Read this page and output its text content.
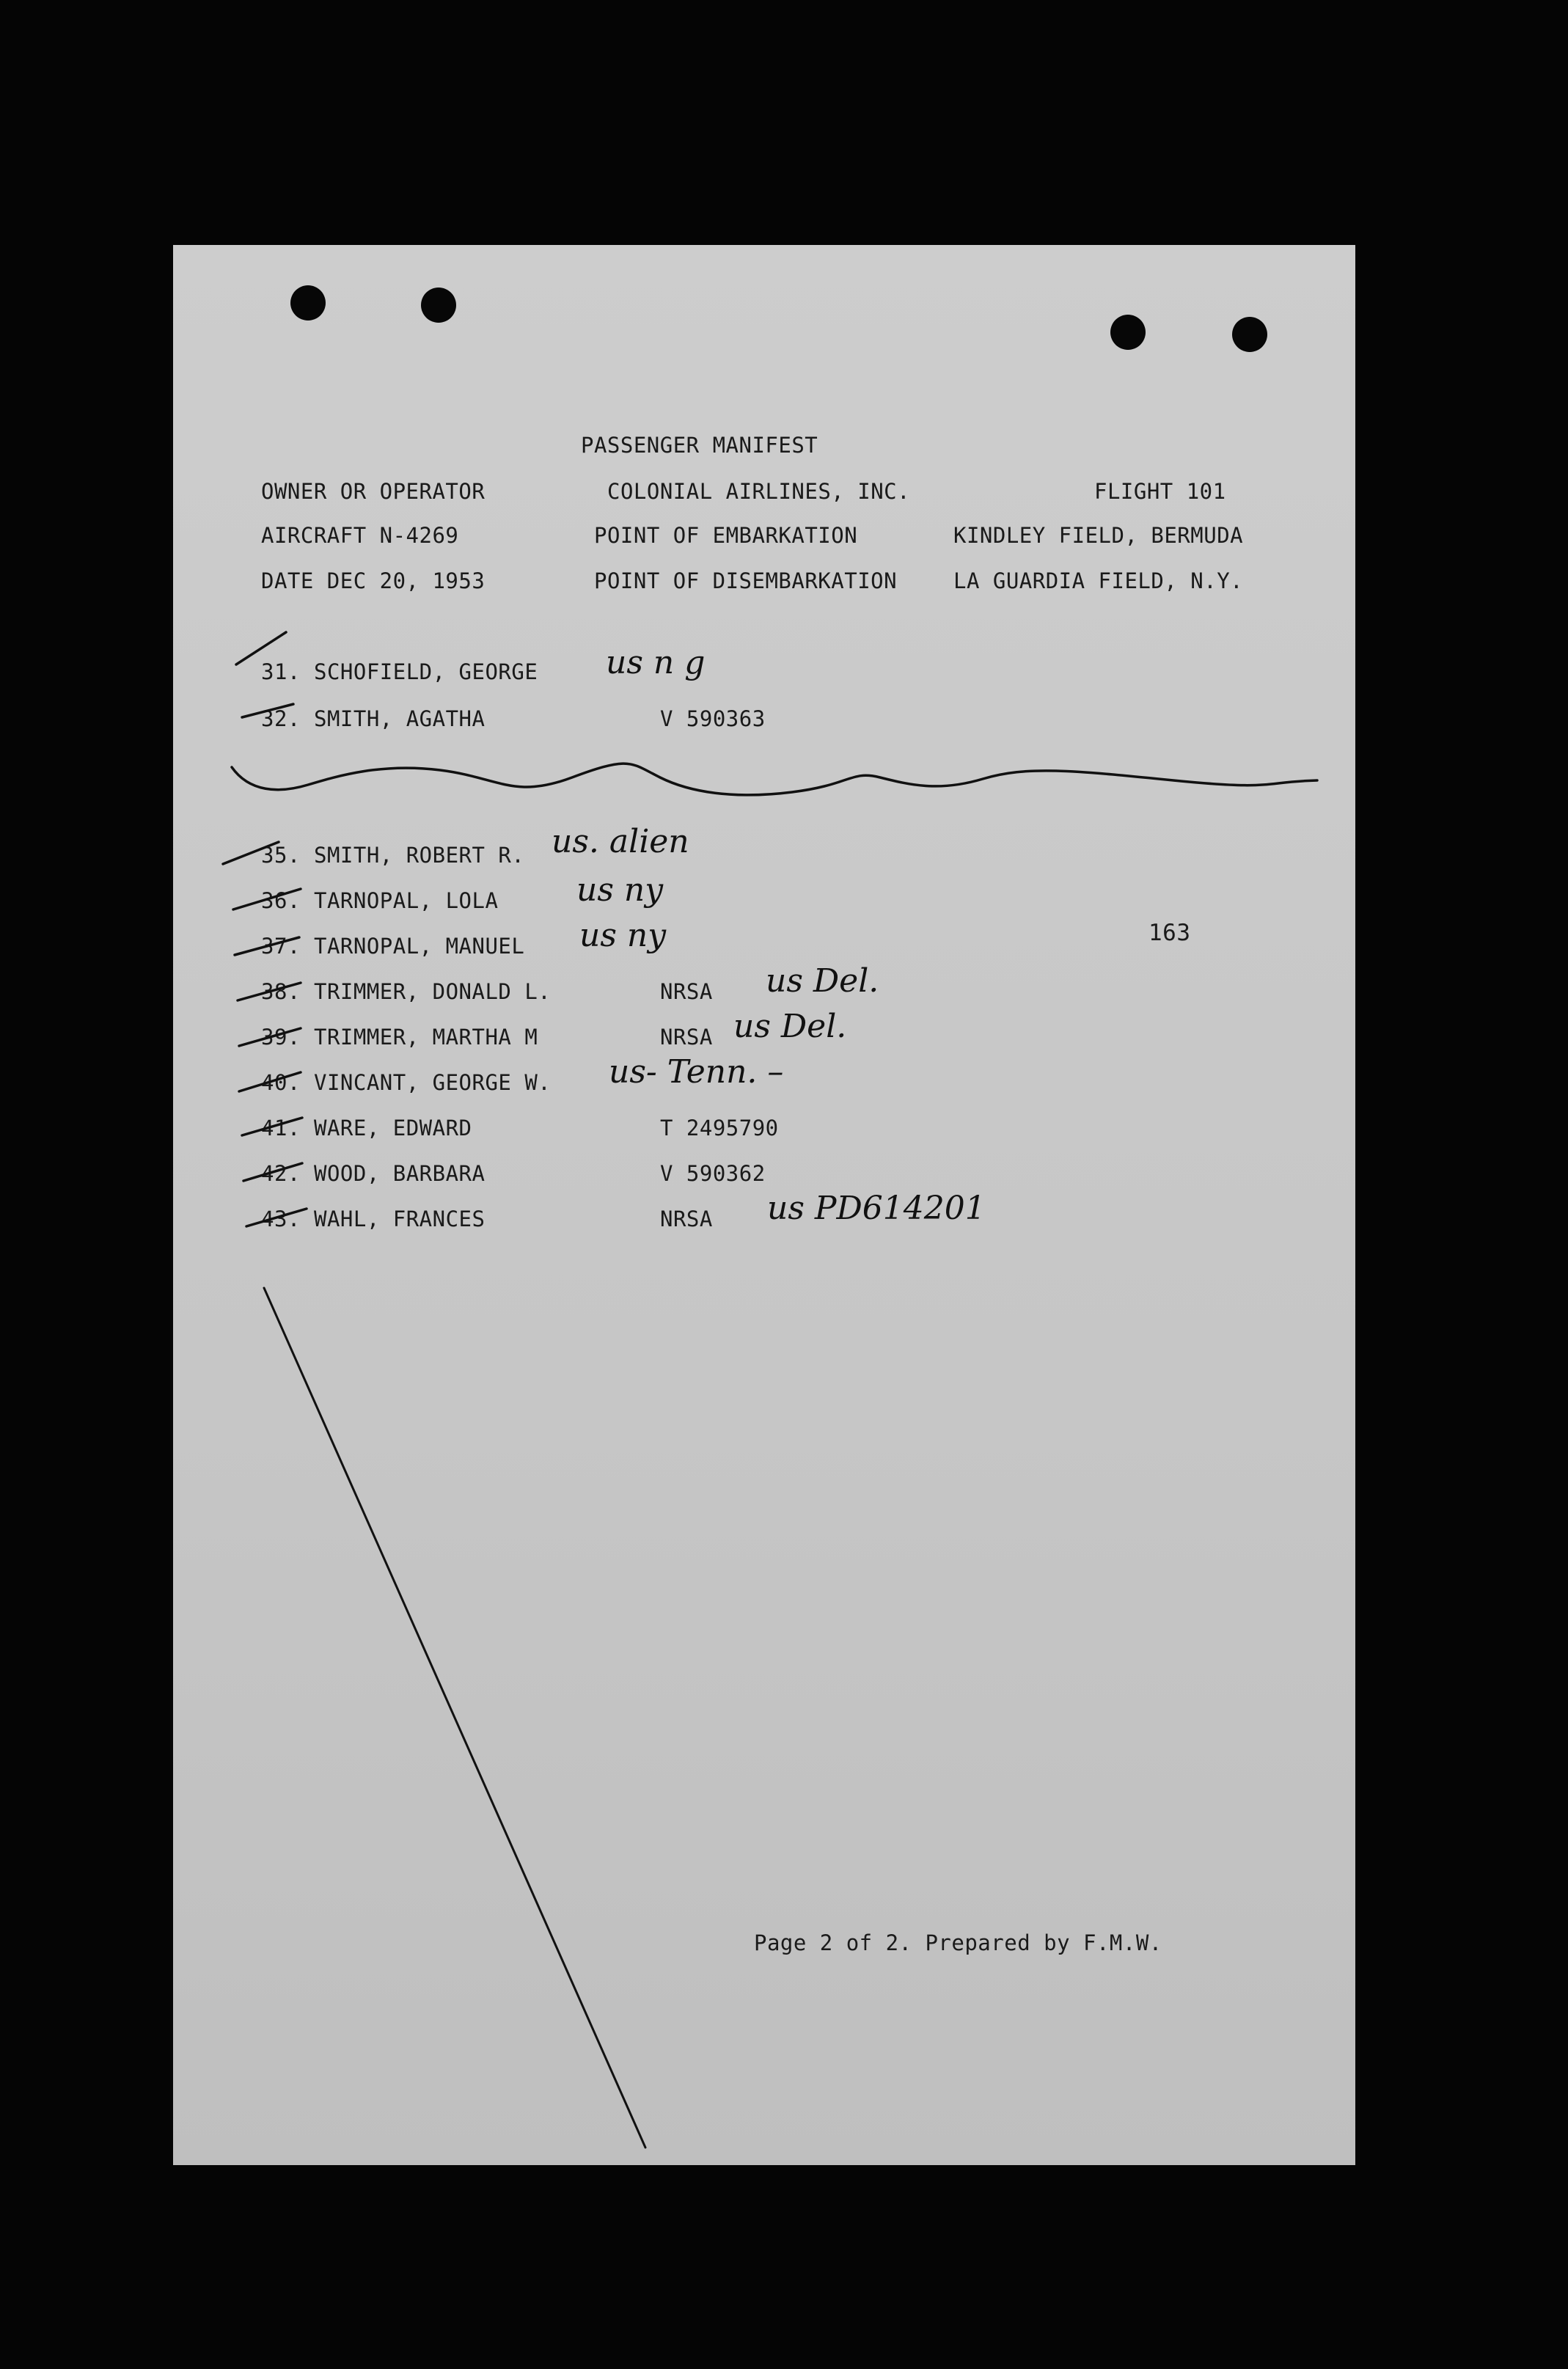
PASSENGER MANIFEST
OWNER OR OPERATOR	COLONIAL AIRLINES, INC.	FLIGHT 101
AIRCRAFT N-4269	POINT OF EMBARKATION	KINDLEY FIELD, BERMUDA
DATE DEC 20, 1953	POINT OF DISEMBARKATION	LA GUARDIA FIELD, N.Y.
31. SCHOFIELD, GEORGE us n g
32. SMITH, AGATHA	V 590363
35. SMITH, ROBERT R. us. alien
36. TARNOPAL, LOLA us ny
37. TARNOPAL, MANUEL us ny
38. TRIMMER, DONALD L.	NRSA us Del.
39. TRIMMER, MARTHA M	NRSA us Del.
40. VINCANT, GEORGE W. us- Tenn. –
41. WARE, EDWARD	T 2495790
42. WOOD, BARBARA	V 590362
43. WAHL, FRANCES	NRSA us PD614201
163
Page 2 of 2. Prepared by F.M.W.
